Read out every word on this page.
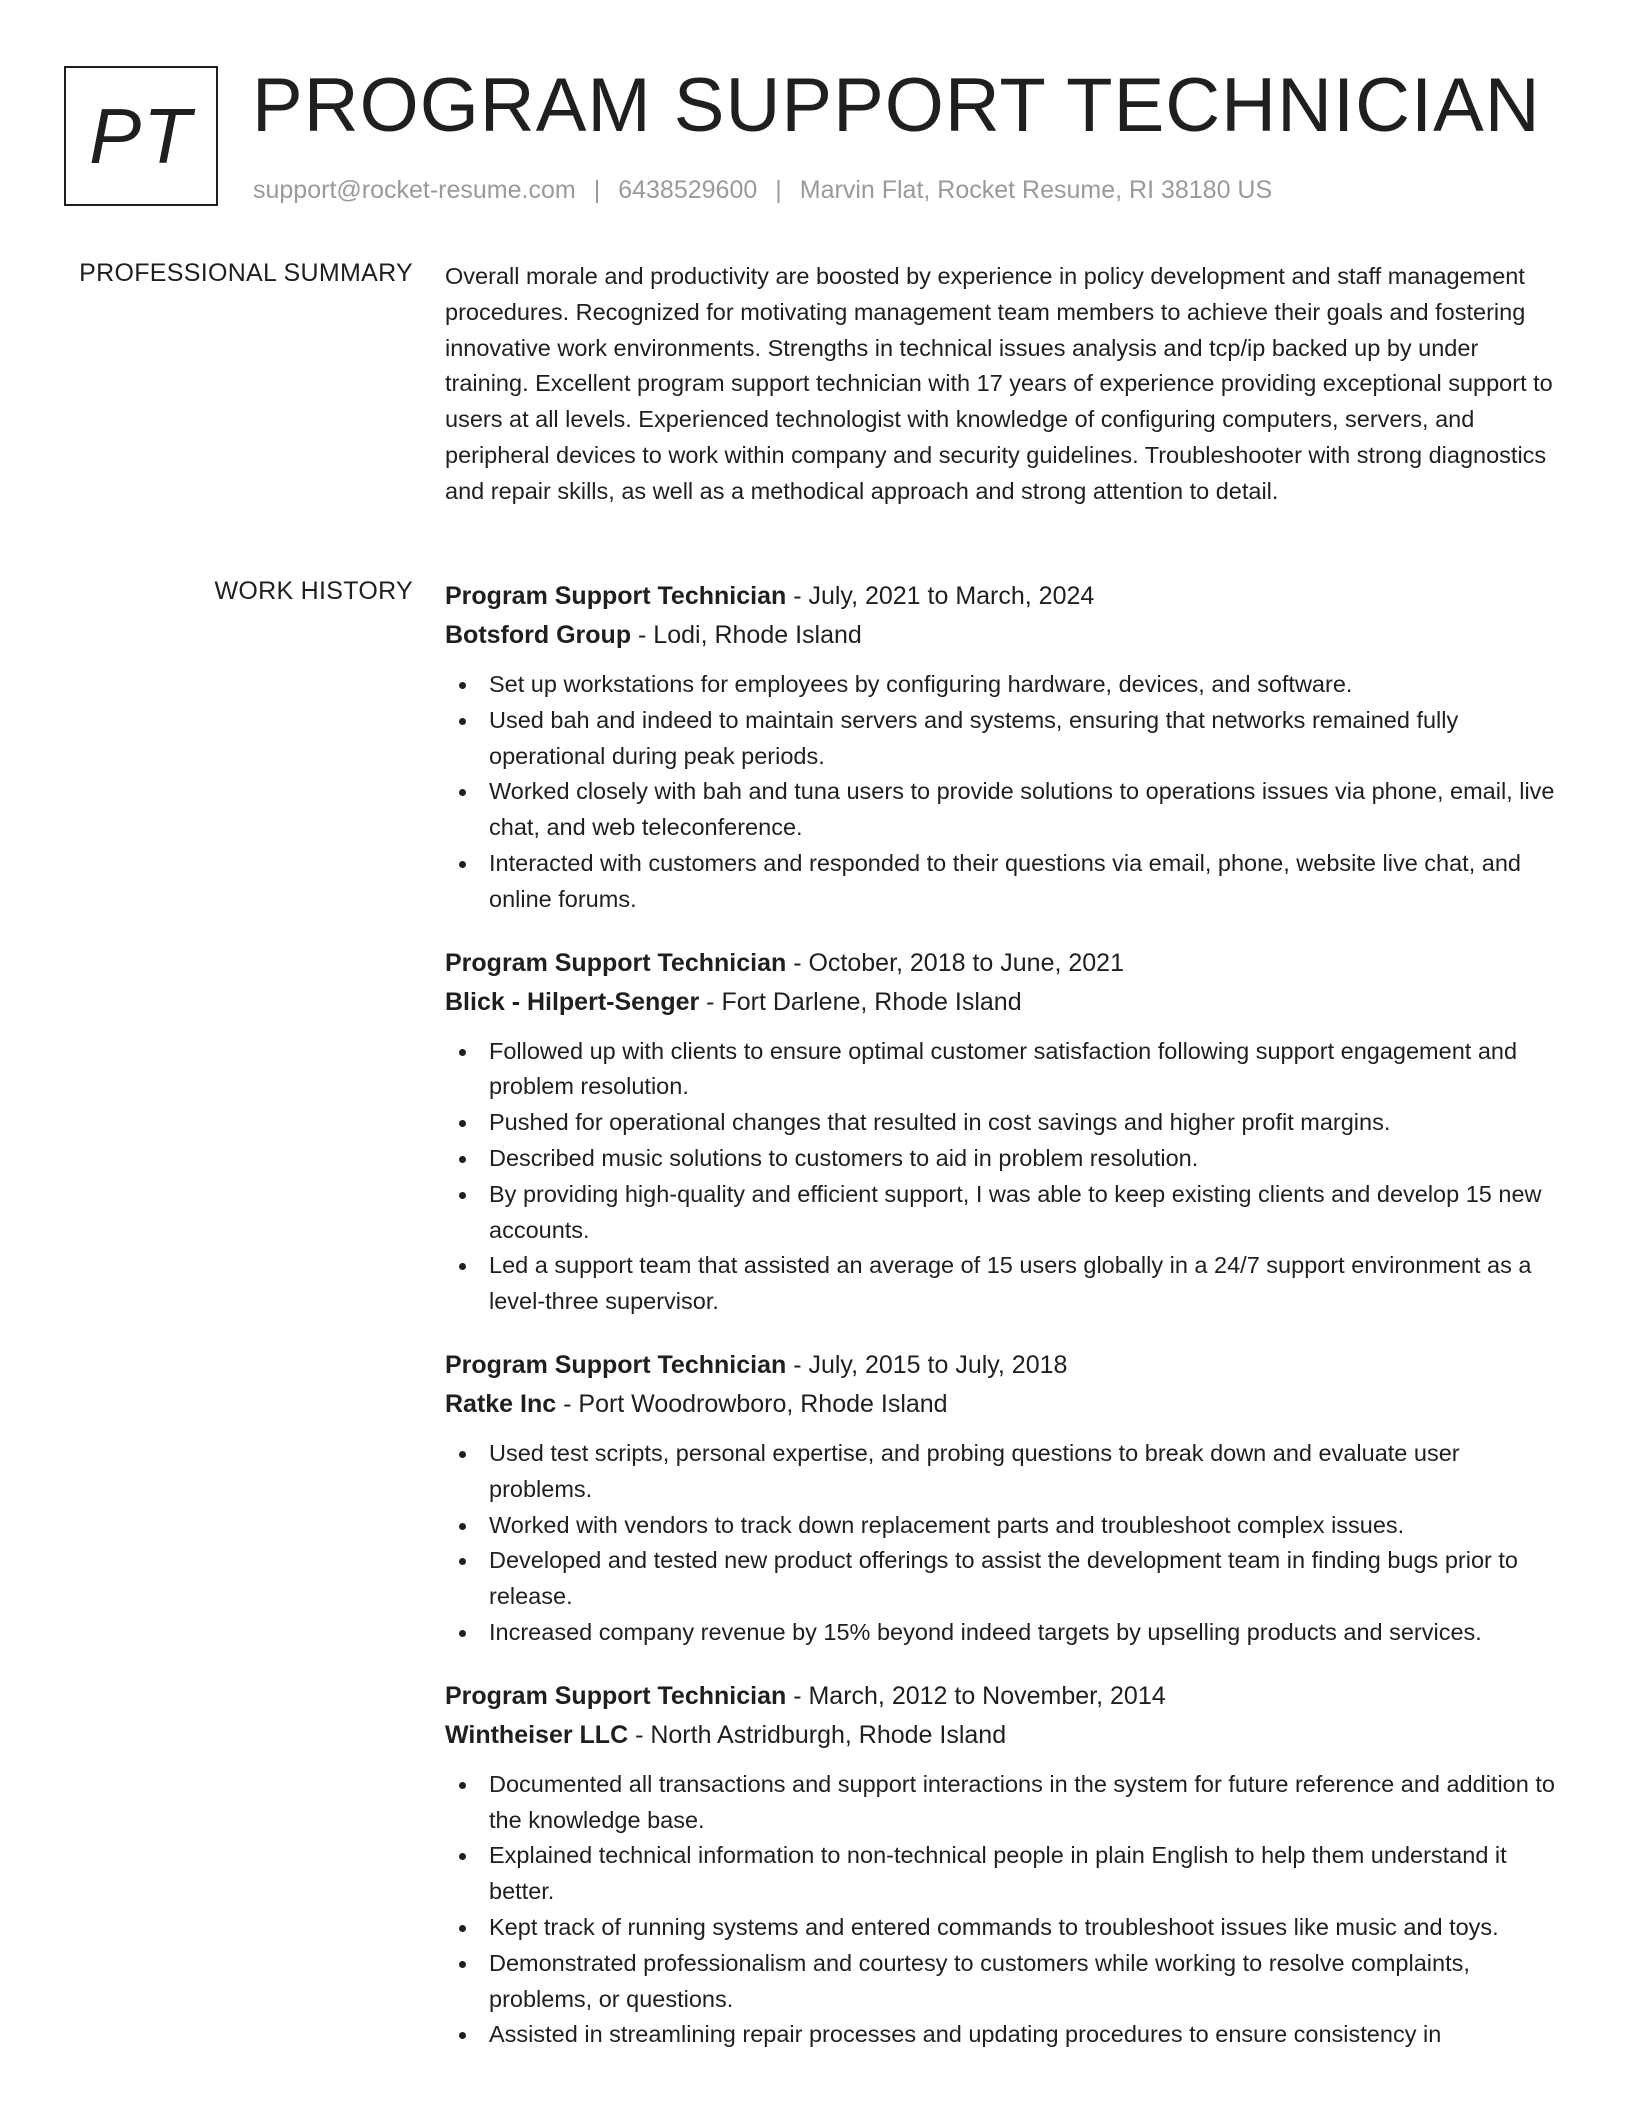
PT PROGRAM SUPPORT TECHNICIAN
support@rocket-resume.com | 6438529600 | Marvin Flat, Rocket Resume, RI 38180 US
PROFESSIONAL SUMMARY Overall morale and productivity are boosted by experience in policy development and staff management procedures. Recognized for motivating management team members to achieve their goals and fostering innovative work environments. Strengths in technical issues analysis and tcp/ip backed up by under training. Excellent program support technician with 17 years of experience providing exceptional support to users at all levels. Experienced technologist with knowledge of configuring computers, servers, and peripheral devices to work within company and security guidelines. Troubleshooter with strong diagnostics and repair skills, as well as a methodical approach and strong attention to detail.

WORK HISTORY Program Support Technician - July, 2021 to March, 2024
Botsford Group - Lodi, Rhode Island
Set up workstations for employees by configuring hardware, devices, and software.
Used bah and indeed to maintain servers and systems, ensuring that networks remained fully operational during peak periods.
Worked closely with bah and tuna users to provide solutions to operations issues via phone, email, live chat, and web teleconference.
Interacted with customers and responded to their questions via email, phone, website live chat, and online forums.
Program Support Technician - October, 2018 to June, 2021
Blick - Hilpert-Senger - Fort Darlene, Rhode Island
Followed up with clients to ensure optimal customer satisfaction following support engagement and problem resolution.
Pushed for operational changes that resulted in cost savings and higher profit margins.
Described music solutions to customers to aid in problem resolution.
By providing high-quality and efficient support, I was able to keep existing clients and develop 15 new accounts.
Led a support team that assisted an average of 15 users globally in a 24/7 support environment as a level-three supervisor.
Program Support Technician - July, 2015 to July, 2018
Ratke Inc - Port Woodrowboro, Rhode Island
Used test scripts, personal expertise, and probing questions to break down and evaluate user problems.
Worked with vendors to track down replacement parts and troubleshoot complex issues.
Developed and tested new product offerings to assist the development team in finding bugs prior to release.
Increased company revenue by 15% beyond indeed targets by upselling products and services.
Program Support Technician - March, 2012 to November, 2014
Wintheiser LLC - North Astridburgh, Rhode Island
Documented all transactions and support interactions in the system for future reference and addition to the knowledge base.
Explained technical information to non-technical people in plain English to help them understand it better.
Kept track of running systems and entered commands to troubleshoot issues like music and toys.
Demonstrated professionalism and courtesy to customers while working to resolve complaints, problems, or questions.
Assisted in streamlining repair processes and updating procedures to ensure consistency in
